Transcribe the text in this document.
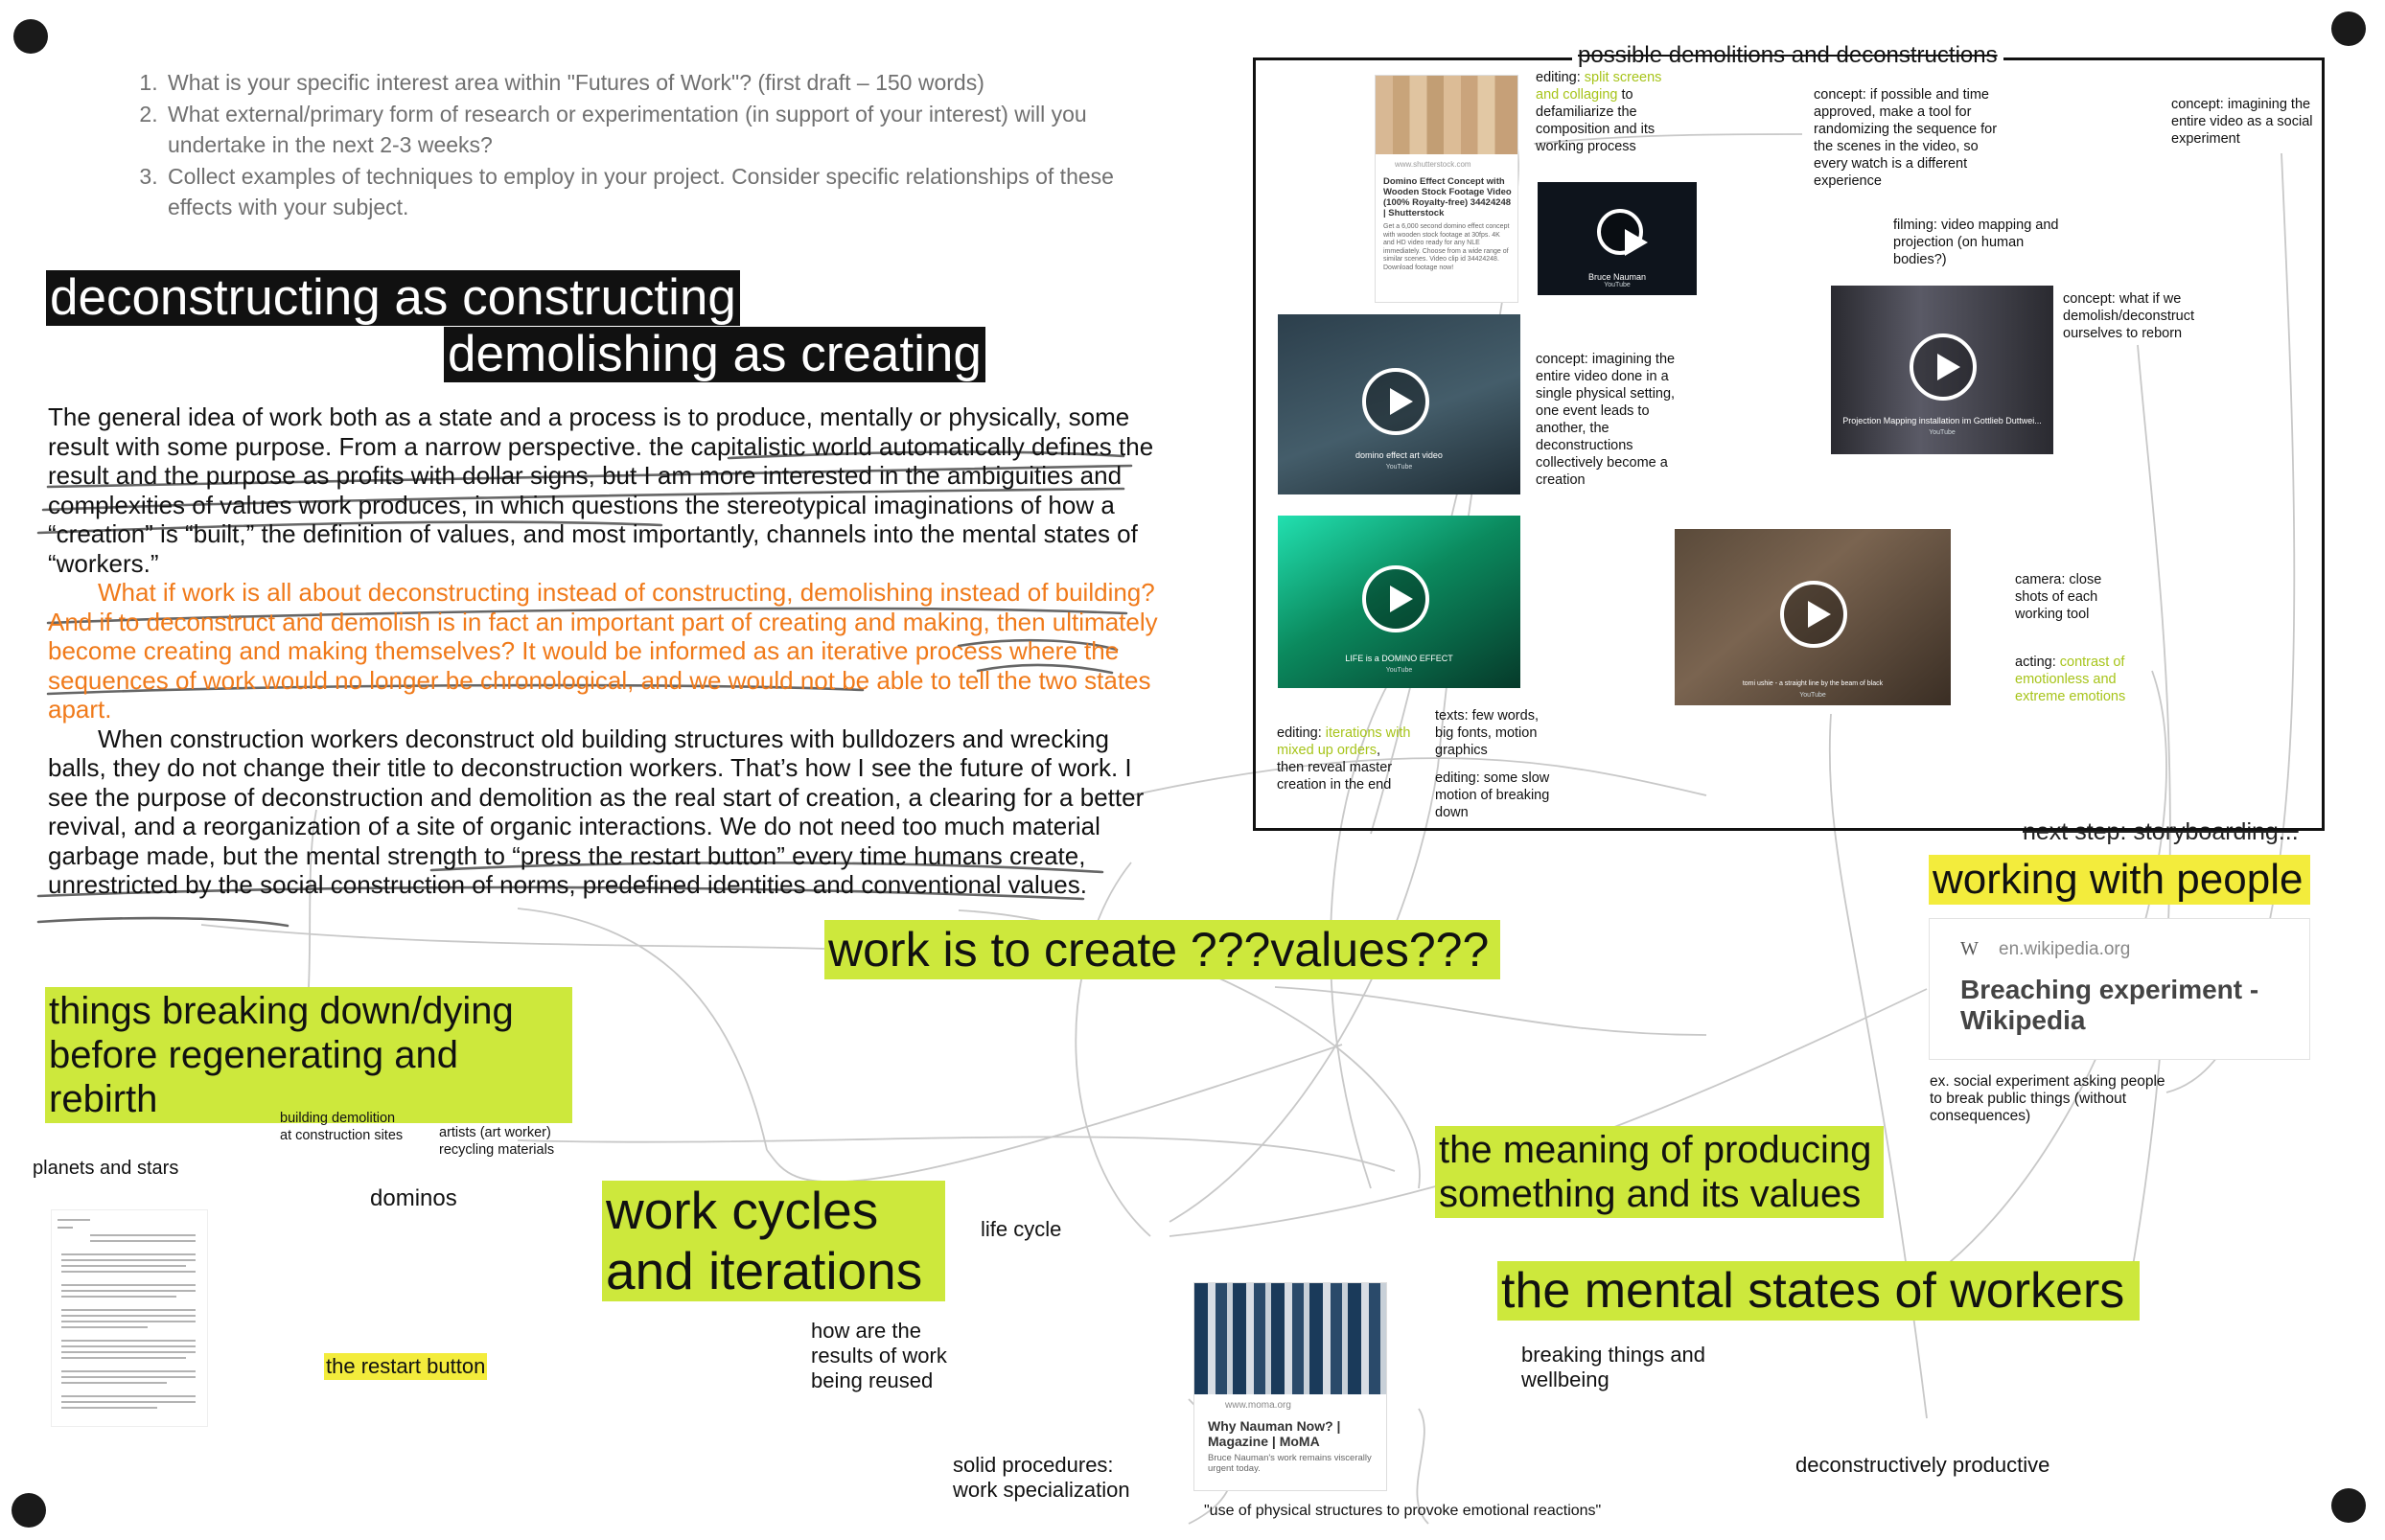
1. What is your specific interest area within "Futures of Work"? (first draft – 150 words)
2. What external/primary form of research or experimentation (in support of your interest) will you undertake in the next 2-3 weeks?
3. Collect examples of techniques to employ in your project. Consider specific relationships of these effects with your subject.
deconstructing as constructing
demolishing as creating

The general idea of work both as a state and a process is to produce, mentally or physically, some result with some purpose. From a narrow perspective. the capitalistic world automatically defines the result and the purpose as profits with dollar signs, but I am more interested in the ambiguities and complexities of values work produces, in which questions the stereotypical imaginations of how a “creation” is “built,” the definition of values, and most importantly, channels into the mental states of “workers.”

What if work is all about deconstructing instead of constructing, demolishing instead of building? And if to deconstruct and demolish is in fact an important part of creating and making, then ultimately become creating and making themselves? It would be informed as an iterative process where the sequences of work would no longer be chronological, and we would not be able to tell the two states apart.

When construction workers deconstruct old building structures with bulldozers and wrecking balls, they do not change their title to deconstruction workers. That’s how I see the future of work. I see the purpose of deconstruction and demolition as the real start of creation, a clearing for a better revival, and a reorganization of a site of organic interactions. We do not need too much material garbage made, but the mental strength to “press the restart button” every time humans create, unrestricted by the social construction of norms, predefined identities and conventional values.

things breaking down/dying before regenerating and rebirth
work is to create ???values???
work cycles and iterations
the meaning of producing something and its values
the mental states of workers
working with people
the restart button
planets and stars
building demolition at construction sites	artists (art worker) recycling materials
dominos
life cycle
how are the results of work being reused
solid procedures: work specialization
"use of physical structures to provoke emotional reactions"
breaking things and wellbeing
deconstructively productive
ex. social experiment asking people to break public things (without consequences)
next step: storyboarding...
possible demolitions and deconstructions
www.shutterstock.com
Domino Effect Concept with Wooden Stock Footage Video (100% Royalty-free) 34424248 | Shutterstock
Get a 6,000 second domino effect concept with wooden stock footage at 30fps. 4K and HD video ready for any NLE immediately. Choose from a wide range of similar scenes. Video clip id 34424248. Download footage now!
Bruce Nauman
YouTube
domino effect art video
YouTube
LIFE is a DOMINO EFFECT
YouTube
Projection Mapping installation im Gottlieb Duttwei...
YouTube
tomi ushie - a straight line by the beam of black
YouTube
editing: split screens and collaging to defamiliarize the composition and its working process
concept: if possible and time approved, make a tool for randomizing the sequence for the scenes in the video, so every watch is a different experience
concept: imagining the entire video as a social experiment
filming: video mapping and projection (on human bodies?)
concept: what if we demolish/deconstruct ourselves to reborn
concept: imagining the entire video done in a single physical setting, one event leads to another, the deconstructions collectively become a creation
camera: close shots of each working tool
acting: contrast of emotionless and extreme emotions
editing: iterations with mixed up orders, then reveal master creation in the end
texts: few words, big fonts, motion graphics
editing: some slow motion of breaking down
W en.wikipedia.org
Breaching experiment - Wikipedia
www.moma.org
Why Nauman Now? | Magazine | MoMA
Bruce Nauman's work remains viscerally urgent today.
